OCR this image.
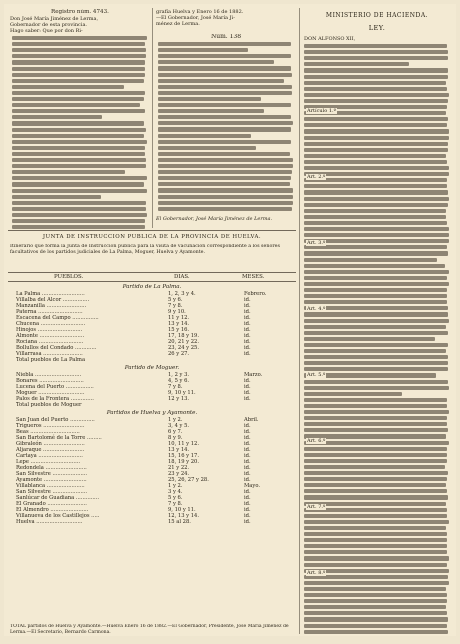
Registro núm. 4743.
Don José María Jiménez de Lerma,
Gobernador de esta provincia.
Hago saber: Que por don Ri-
grafía Huelva y Enero 16 de 1882.
—El Gobernador, José María Ji-
ménez de Lerma.
Núm. 138
El Gobernador, José María Jiménez de Lerma.
MINISTERIO DE HACIENDA.
LEY.
DON ALFONSO XII,
JUNTA DE INSTRUCCION PUBLICA DE LA PROVINCIA DE HUELVA.
Itinerario que forma la Junta de Instrucción pública para la visita de vacunación correspondiente a los señores facultativos de los partidos judiciales de La Palma, Moguer, Huelva y Ayamonte.
PUEBLOS.	DIAS.	MESES.
TOTAL partidos de Huelva y Ayamonte.—Huelva Enero 16 de 1882.—El Gobernador, Presidente, José María Jiménez de Lerma.—El Secretario, Bernardo Carmona.
Artículo 1.º
Art. 2.º
Art. 3.º
Art. 4.º
Art. 5.º
Art. 6.º
Art. 7.º
Art. 8.º
Partido de La Palma.
La Palma ..........................	1, 2, 3 y 4.	Febrero.
Villalba del Alcor ................	5 y 6.	id.
Manzanilla ........................	7 y 8.	id.
Paterna ...........................	9 y 10.	id.
Escacena del Campo ................	11 y 12.	id.
Chucena ...........................	13 y 14.	id.
Hinojos ...........................	15 y 16.	id.
Almonte ...........................	17, 18 y 19.	id.
Rociana ...........................	20, 21 y 22.	id.
Bollullos del Condado .............	23, 24 y 25.	id.
Villarrasa ........................	26 y 27.	id.
Total pueblos de La Palma
Partido de Moguer.
Niebla ............................	1, 2 y 3.	Marzo.
Bonares ...........................	4, 5 y 6.	id.
Lucena del Puerto .................	7 y 8.	id.
Moguer ............................	9, 10 y 11.	id.
Palos de la Frontera ..............	12 y 13.	id.
Total pueblos de Moguer
Partidos de Huelva y Ayamonte.
San Juan del Puerto ...............	1 y 2.	Abril.
Trigueros .........................	3, 4 y 5.	id.
Beas ..............................	6 y 7.	id.
San Bartolomé de la Torre .........	8 y 9.	id.
Gibraleón .........................	10, 11 y 12.	id.
Aljaraque .........................	13 y 14.	id.
Cartaya ...........................	15, 16 y 17.	id.
Lepe ..............................	18, 19 y 20.	id.
Redondela .........................	21 y 22.	id.
San Silvestre .....................	23 y 24.	id.
Ayamonte ..........................	25, 26, 27 y 28.	id.
Villablanca .......................	1 y 2.	Mayo.
San Silvestre .....................	3 y 4.	id.
Sanlúcar de Guadiana ..............	5 y 6.	id.
El Granado ........................	7 y 8.	id.
El Almendro .......................	9, 10 y 11.	id.
Villanueva de los Castillejos .....	12, 13 y 14.	id.
Huelva ............................	15 al 28.	id.
